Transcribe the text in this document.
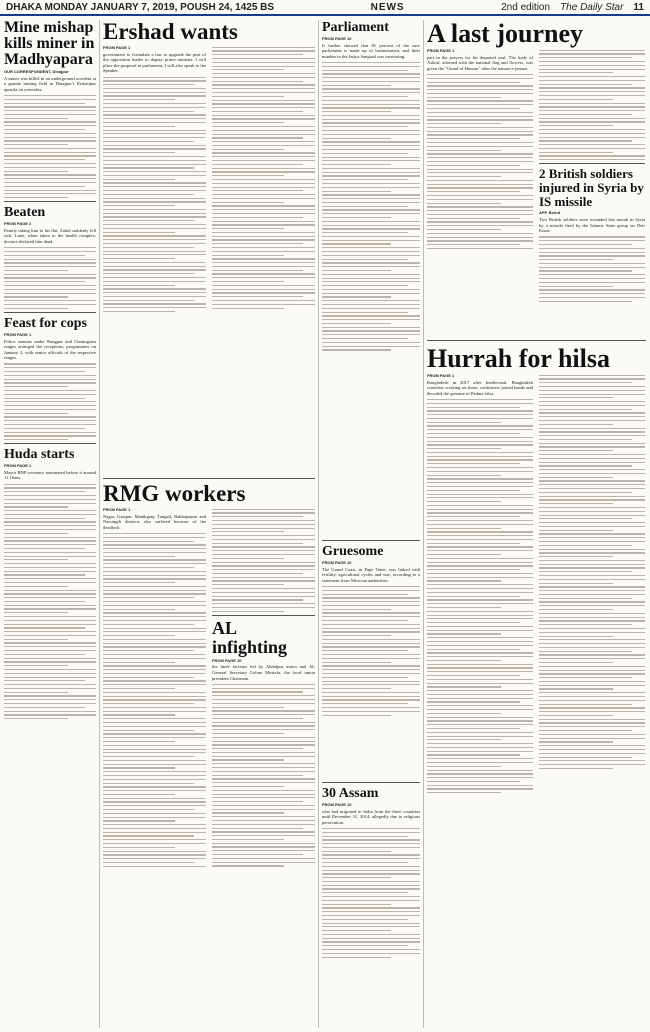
DHAKA MONDAY JANUARY 7, 2019, POUSH 24, 1425 BS	NEWS	2nd edition The Daily Star 11
Mine mishap kills miner in Madhyapara
OUR CORRESPONDENT, Dinajpur

A miner was killed in an underground accident at a granite mining field in Dinajpur's Parbatipur upazila on yesterday.

Beaten
FROM PAGE 2

Family taking him to his flat, Zahid suddenly fell sick. Later, when taken to the health complex, doctors declared him dead.

Feast for cops
FROM PAGE 1

Police stations under Rangpur and Chattogram ranges arranged the receptions, programmes on January 2, with senior officials of the respective ranges.

Huda starts
FROM PAGE 1

Mayor BNP secretary nominated before it around 11.10am.

Ershad wants
FROM PAGE 1

government to formulate a law to upgrade the post of the opposition leader to deputy prime minister. I will place the proposal in parliament, I will also speak to the Speaker.

RMG workers
FROM PAGE 1

Nagar, Gazipur, Manikganj, Tangail, Rakhapatpur and Narsingdi districts also suffered because of the deadlock.

AL infighting
FROM PAGE 10

the three factions led by Abdalpur union and AL General Secretary Golam Mostafa, the local union president Chairman.

Parliament
FROM PAGE 10

It further showed that 81 percent of the new parliament is made up of businessmen, and their number in the Jatiya Sangsad was increasing.

Gruesome
FROM PAGE 10

The Grand Coast, in Pape Teine, was linked with fertility, agricultural cycles and war, according to a statement from Mexican authorities.

30 Assam
FROM PAGE 10

who had migrated to India from the three countries until December 31, 2014, allegedly due to religious persecution.

A last journey
FROM PAGE 1

part in the prayers for his departed soul. The body of Ashraf, adorned with the national flag and flowers, was given the "Guard of Honour" after the namaz-e-janaza.

2 British soldiers injured in Syria by IS missile
AFP, Beirut

Two British soldiers were wounded last month in Syria by a missile fired by the Islamic State group on Deir Ezzor.

Hurrah for hilsa
FROM PAGE 1

Bangladesh in 2017 after Intellectual. Bangladesh scientists working on these, confirmers joined hands and decoded the genome of Padma hilsa.
